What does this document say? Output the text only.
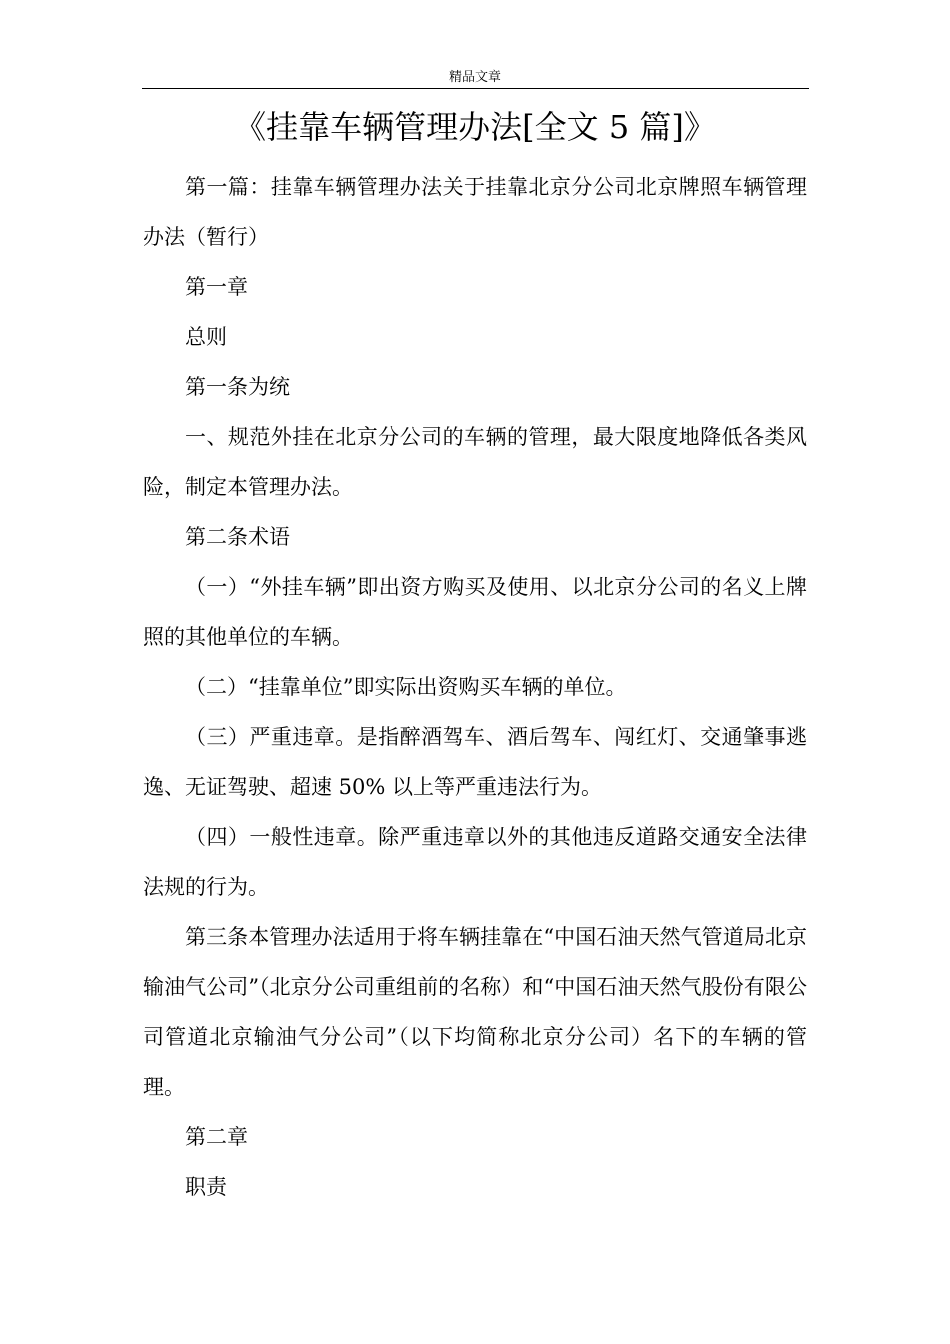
精品文章
《挂靠车辆管理办法[全文 5 篇]》

第一篇：挂靠车辆管理办法关于挂靠北京分公司北京牌照车辆管理办法（暂行）

第一章

总则

第一条为统

一、规范外挂在北京分公司的车辆的管理，最大限度地降低各类风险，制定本管理办法。

第二条术语

（一）“外挂车辆”即出资方购买及使用、以北京分公司的名义上牌照的其他单位的车辆。

（二）“挂靠单位”即实际出资购买车辆的单位。

（三）严重违章。是指醉酒驾车、酒后驾车、闯红灯、交通肇事逃逸、无证驾驶、超速 50% 以上等严重违法行为。

（四）一般性违章。除严重违章以外的其他违反道路交通安全法律法规的行为。

第三条本管理办法适用于将车辆挂靠在“中国石油天然气管道局北京输油气公司”（北京分公司重组前的名称）和“中国石油天然气股份有限公司管道北京输油气分公司”（以下均简称北京分公司）名下的车辆的管理。

第二章

职责
